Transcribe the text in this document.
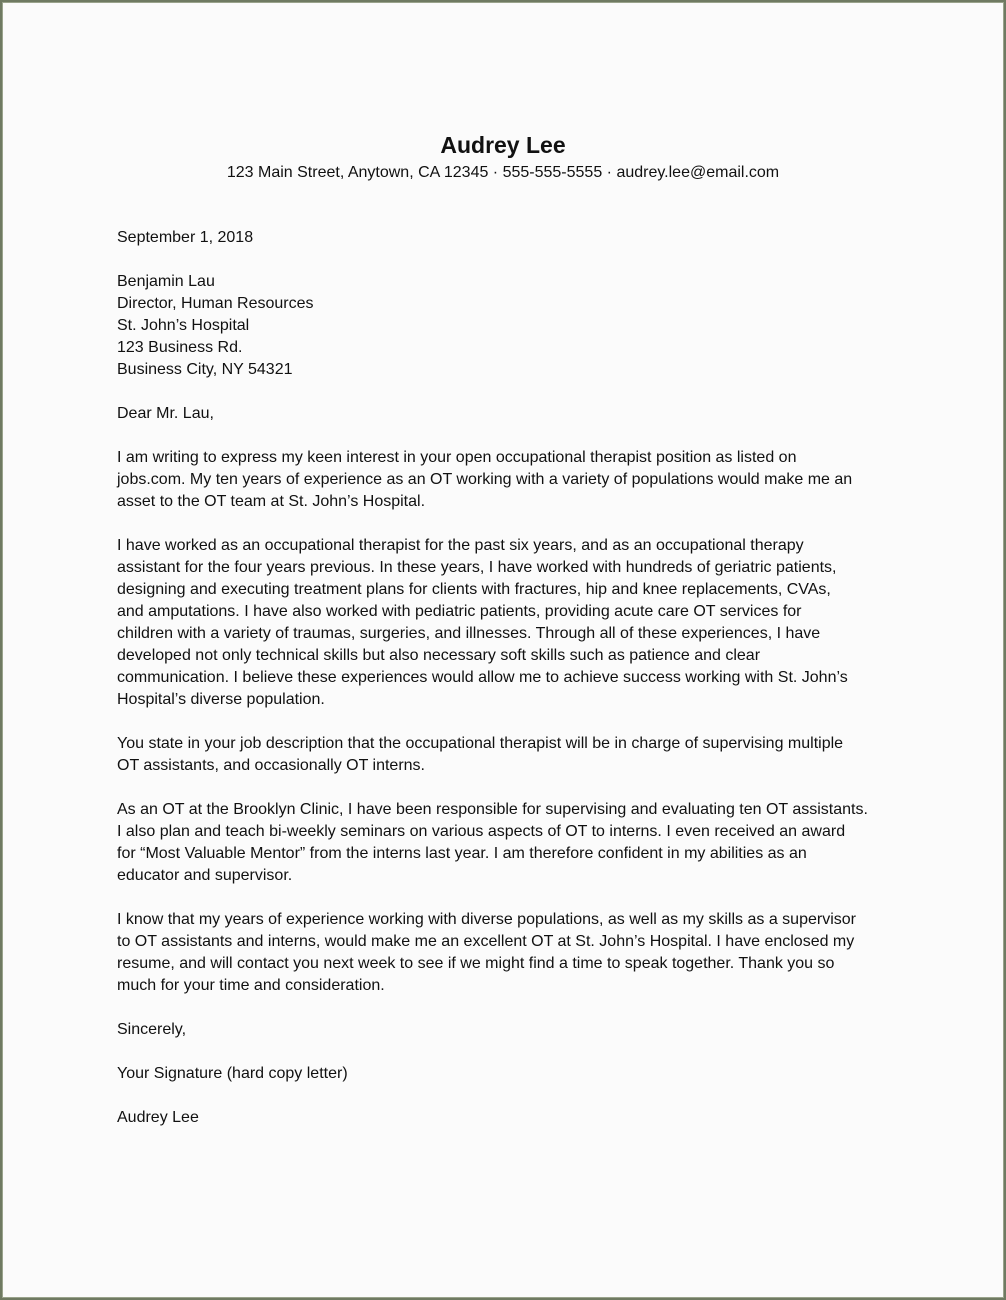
Audrey Lee
123 Main Street, Anytown, CA 12345 · 555-555-5555 · audrey.lee@email.com

September 1, 2018

Benjamin Lau
Director, Human Resources
St. John’s Hospital
123 Business Rd.
Business City, NY 54321

Dear Mr. Lau,

I am writing to express my keen interest in your open occupational therapist position as listed on
jobs.com. My ten years of experience as an OT working with a variety of populations would make me an
asset to the OT team at St. John’s Hospital.

I have worked as an occupational therapist for the past six years, and as an occupational therapy
assistant for the four years previous. In these years, I have worked with hundreds of geriatric patients,
designing and executing treatment plans for clients with fractures, hip and knee replacements, CVAs,
and amputations. I have also worked with pediatric patients, providing acute care OT services for
children with a variety of traumas, surgeries, and illnesses. Through all of these experiences, I have
developed not only technical skills but also necessary soft skills such as patience and clear
communication. I believe these experiences would allow me to achieve success working with St. John’s
Hospital’s diverse population.

You state in your job description that the occupational therapist will be in charge of supervising multiple
OT assistants, and occasionally OT interns.

As an OT at the Brooklyn Clinic, I have been responsible for supervising and evaluating ten OT assistants.
I also plan and teach bi-weekly seminars on various aspects of OT to interns. I even received an award
for “Most Valuable Mentor” from the interns last year. I am therefore confident in my abilities as an
educator and supervisor.

I know that my years of experience working with diverse populations, as well as my skills as a supervisor
to OT assistants and interns, would make me an excellent OT at St. John’s Hospital. I have enclosed my
resume, and will contact you next week to see if we might find a time to speak together. Thank you so
much for your time and consideration.

Sincerely,

Your Signature (hard copy letter)

Audrey Lee
